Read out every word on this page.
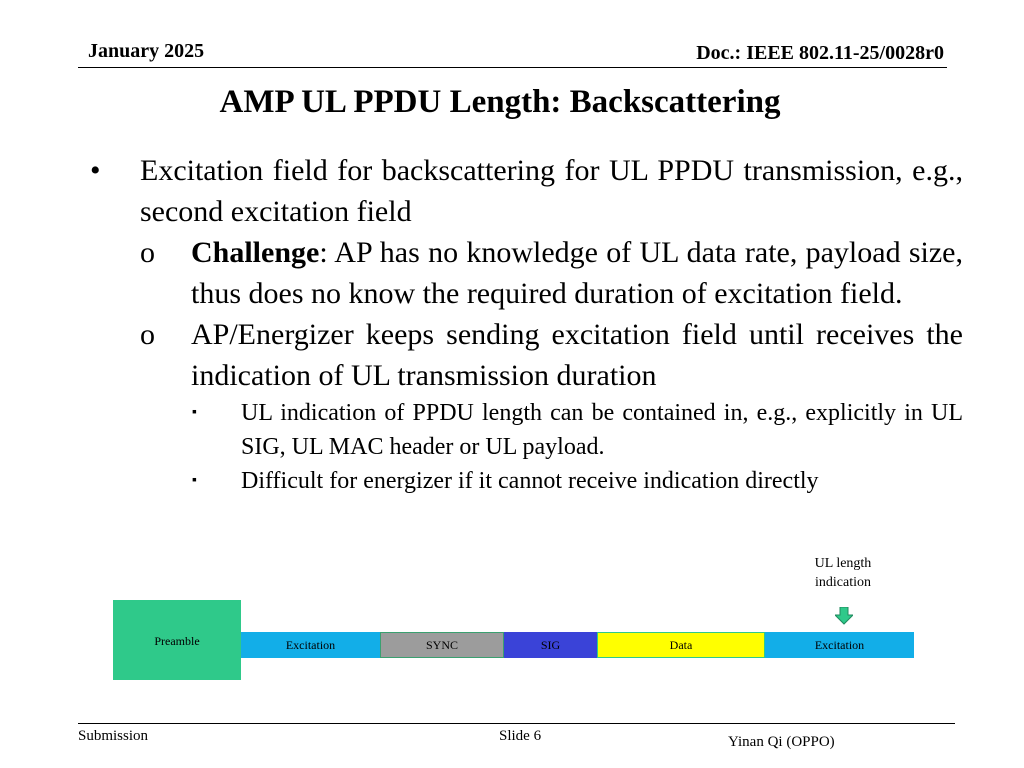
January 2025	Doc.: IEEE 802.11-25/0028r0
AMP UL PPDU Length: Backscattering
• Excitation field for backscattering for UL PPDU transmission, e.g., second excitation field
o Challenge: AP has no knowledge of UL data rate, payload size, thus does no know the required duration of excitation field.
o AP/Energizer keeps sending excitation field until receives the indication of UL transmission duration
▪ UL indication of PPDU length can be contained in, e.g., explicitly in UL SIG, UL MAC header or UL payload.
▪ Difficult for energizer if it cannot receive indication directly
UL length
indication
Preamble	Excitation	SYNC	SIG	Data	Excitation
Submission	Slide 6	Yinan Qi (OPPO)
